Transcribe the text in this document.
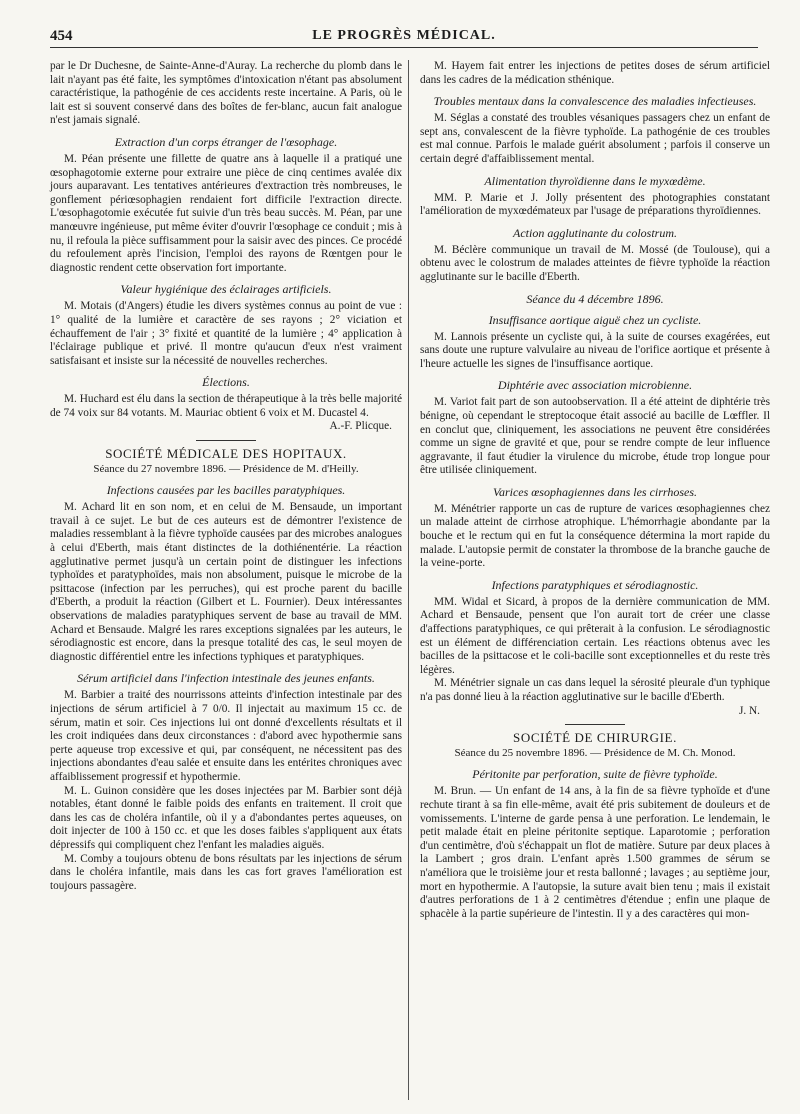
454	LE PROGRÈS MÉDICAL.

par le Dr Duchesne, de Sainte-Anne-d'Auray. La recherche du plomb dans le lait n'ayant pas été faite, les symptômes d'intoxication n'étant pas absolument caractéristique, la pathogénie de ces accidents reste incertaine. A Paris, où le lait est si souvent conservé dans des boîtes de fer-blanc, aucun fait analogue n'est jamais signalé.

Extraction d'un corps étranger de l'œsophage.

M. Péan présente une fillette de quatre ans à laquelle il a pratiqué une œsophagotomie externe pour extraire une pièce de cinq centimes avalée dix jours auparavant. Les tentatives antérieures d'extraction très nombreuses, le gonflement périœsophagien rendaient fort difficile l'extraction directe. L'œsophagotomie exécutée fut suivie d'un très beau succès. M. Péan, par une manœuvre ingénieuse, put même éviter d'ouvrir l'œsophage ce conduit ; mis à nu, il refoula la pièce suffisamment pour la saisir avec des pinces. Ce procédé du refoulement après l'incision, l'emploi des rayons de Rœntgen pour le diagnostic rendent cette observation fort importante.

Valeur hygiénique des éclairages artificiels.

M. Motais (d'Angers) étudie les divers systèmes connus au point de vue : 1° qualité de la lumière et caractère de ses rayons ; 2° viciation et échauffement de l'air ; 3° fixité et quantité de la lumière ; 4° application à l'éclairage publique et privé. Il montre qu'aucun d'eux n'est vraiment satisfaisant et insiste sur la nécessité de nouvelles recherches.

Élections.

M. Huchard est élu dans la section de thérapeutique à la très belle majorité de 74 voix sur 84 votants. M. Mauriac obtient 6 voix et M. Ducastel 4.

A.-F. Plicque.
SOCIÉTÉ MÉDICALE DES HOPITAUX.
Séance du 27 novembre 1896. — Présidence de M. d'Heilly.
Infections causées par les bacilles paratyphiques.

M. Achard lit en son nom, et en celui de M. Bensaude, un important travail à ce sujet. Le but de ces auteurs est de démontrer l'existence de maladies ressemblant à la fièvre typhoïde causées par des microbes analogues à celui d'Eberth, mais étant distinctes de la dothiénentérie. La réaction agglutinative permet jusqu'à un certain point de distinguer les infections typhoïdes et paratyphoïdes, mais non absolument, puisque le microbe de la psittacose (infection par les perruches), qui est proche parent du bacille d'Eberth, a produit la réaction (Gilbert et L. Fournier). Deux intéressantes observations de maladies paratyphiques servent de base au travail de MM. Achard et Bensaude. Malgré les rares exceptions signalées par les auteurs, le sérodiagnostic est encore, dans la presque totalité des cas, le seul moyen de diagnostic différentiel entre les infections typhiques et paratyphiques.

Sérum artificiel dans l'infection intestinale des jeunes enfants.

M. Barbier a traité des nourrissons atteints d'infection intestinale par des injections de sérum artificiel à 7 0/0. Il injectait au maximum 15 cc. de sérum, matin et soir. Ces injections lui ont donné d'excellents résultats et il les croit indiquées dans deux circonstances : d'abord avec hypothermie sans perte aqueuse trop excessive et qui, par conséquent, ne nécessitent pas des injections abondantes d'eau salée et ensuite dans les entérites chroniques avec affaiblissement progressif et hypothermie.

M. L. Guinon considère que les doses injectées par M. Barbier sont déjà notables, étant donné le faible poids des enfants en traitement. Il croit que dans les cas de choléra infantile, où il y a d'abondantes pertes aqueuses, on doit injecter de 100 à 150 cc. et que les doses faibles s'appliquent aux états dépressifs qui compliquent chez l'enfant les maladies aiguës.

M. Comby a toujours obtenu de bons résultats par les injections de sérum dans le choléra infantile, mais dans les cas fort graves l'amélioration est toujours passagère.

M. Hayem fait entrer les injections de petites doses de sérum artificiel dans les cadres de la médication sthénique.

Troubles mentaux dans la convalescence des maladies infectieuses.

M. Séglas a constaté des troubles vésaniques passagers chez un enfant de sept ans, convalescent de la fièvre typhoïde. La pathogénie de ces troubles est mal connue. Parfois le malade guérit absolument ; parfois il conserve un certain degré d'affaiblissement mental.

Alimentation thyroïdienne dans le myxœdème.

MM. P. Marie et J. Jolly présentent des photographies constatant l'amélioration de myxœdémateux par l'usage de préparations thyroïdiennes.

Action agglutinante du colostrum.

M. Béclère communique un travail de M. Mossé (de Toulouse), qui a obtenu avec le colostrum de malades atteintes de fièvre typhoïde la réaction agglutinante sur le bacille d'Eberth.

Séance du 4 décembre 1896.
Insuffisance aortique aiguë chez un cycliste.

M. Lannois présente un cycliste qui, à la suite de courses exagérées, eut sans doute une rupture valvulaire au niveau de l'orifice aortique et présente à l'heure actuelle les signes de l'insuffisance aortique.

Diphtérie avec association microbienne.

M. Variot fait part de son autoobservation. Il a été atteint de diphtérie très bénigne, où cependant le streptocoque était associé au bacille de Lœffler. Il en conclut que, cliniquement, les associations ne peuvent être considérées comme un signe de gravité et que, pour se rendre compte de leur influence aggravante, il faut étudier la virulence du microbe, étude trop longue pour être utilisée cliniquement.

Varices œsophagiennes dans les cirrhoses.

M. Ménétrier rapporte un cas de rupture de varices œsophagiennes chez un malade atteint de cirrhose atrophique. L'hémorrhagie abondante par la bouche et le rectum qui en fut la conséquence détermina la mort rapide du malade. L'autopsie permit de constater la thrombose de la branche gauche de la veine-porte.

Infections paratyphiques et sérodiagnostic.

MM. Widal et Sicard, à propos de la dernière communication de MM. Achard et Bensaude, pensent que l'on aurait tort de créer une classe d'affections paratyphiques, ce qui prêterait à la confusion. Le sérodiagnostic est un élément de différenciation certain. Les réactions obtenus avec les bacilles de la psittacose et le coli-bacille sont exceptionnelles et du reste très légères.

M. Ménétrier signale un cas dans lequel la sérosité pleurale d'un typhique n'a pas donné lieu à la réaction agglutinative sur le bacille d'Eberth.

J. N.
SOCIÉTÉ DE CHIRURGIE.
Séance du 25 novembre 1896. — Présidence de M. Ch. Monod.
Péritonite par perforation, suite de fièvre typhoïde.

M. Brun. — Un enfant de 14 ans, à la fin de sa fièvre typhoïde et d'une rechute tirant à sa fin elle-même, avait été pris subitement de douleurs et de vomissements. L'interne de garde pensa à une perforation. Le lendemain, le petit malade était en pleine péritonite septique. Laparotomie ; perforation d'un centimètre, d'où s'échappait un flot de matière. Suture par deux places à la Lambert ; gros drain. L'enfant après 1.500 grammes de sérum se n'améliora que le troisième jour et resta ballonné ; lavages ; au septième jour, mort en hypothermie. A l'autopsie, la suture avait bien tenu ; mais il existait d'autres perforations de 1 à 2 centimètres d'étendue ; enfin une plaque de sphacèle à la partie supérieure de l'intestin. Il y a des caractères qui mon-
